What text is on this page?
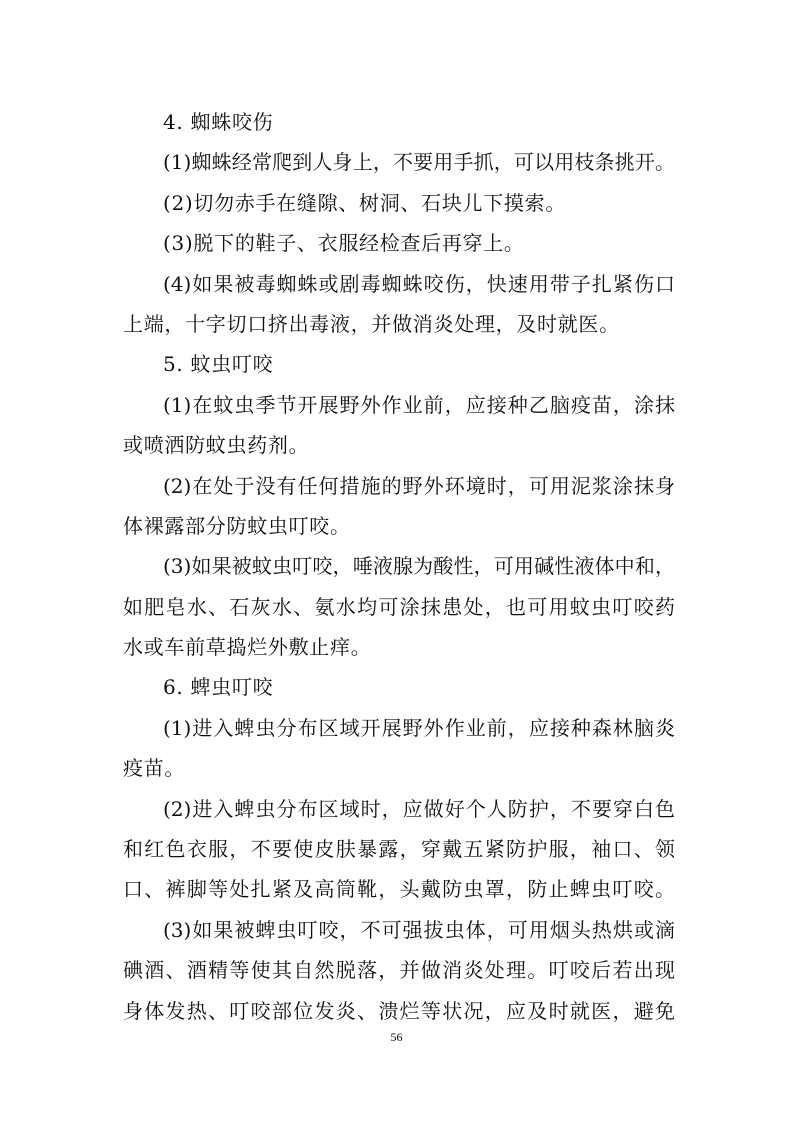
4. 蜘蛛咬伤
(1)蜘蛛经常爬到人身上，不要用手抓，可以用枝条挑开。
(2)切勿赤手在缝隙、树洞、石块儿下摸索。
(3)脱下的鞋子、衣服经检查后再穿上。
(4)如果被毒蜘蛛或剧毒蜘蛛咬伤，快速用带子扎紧伤口
上端，十字切口挤出毒液，并做消炎处理，及时就医。
5. 蚊虫叮咬
(1)在蚊虫季节开展野外作业前，应接种乙脑疫苗，涂抹
或喷洒防蚊虫药剂。
(2)在处于没有任何措施的野外环境时，可用泥浆涂抹身
体裸露部分防蚊虫叮咬。
(3)如果被蚊虫叮咬，唾液腺为酸性，可用碱性液体中和，
如肥皂水、石灰水、氨水均可涂抹患处，也可用蚊虫叮咬药
水或车前草捣烂外敷止痒。
6. 蜱虫叮咬
(1)进入蜱虫分布区域开展野外作业前，应接种森林脑炎
疫苗。
(2)进入蜱虫分布区域时，应做好个人防护，不要穿白色
和红色衣服，不要使皮肤暴露，穿戴五紧防护服，袖口、领
口、裤脚等处扎紧及高筒靴，头戴防虫罩，防止蜱虫叮咬。
(3)如果被蜱虫叮咬，不可强拔虫体，可用烟头热烘或滴
碘酒、酒精等使其自然脱落，并做消炎处理。叮咬后若出现
身体发热、叮咬部位发炎、溃烂等状况，应及时就医，避免
56
